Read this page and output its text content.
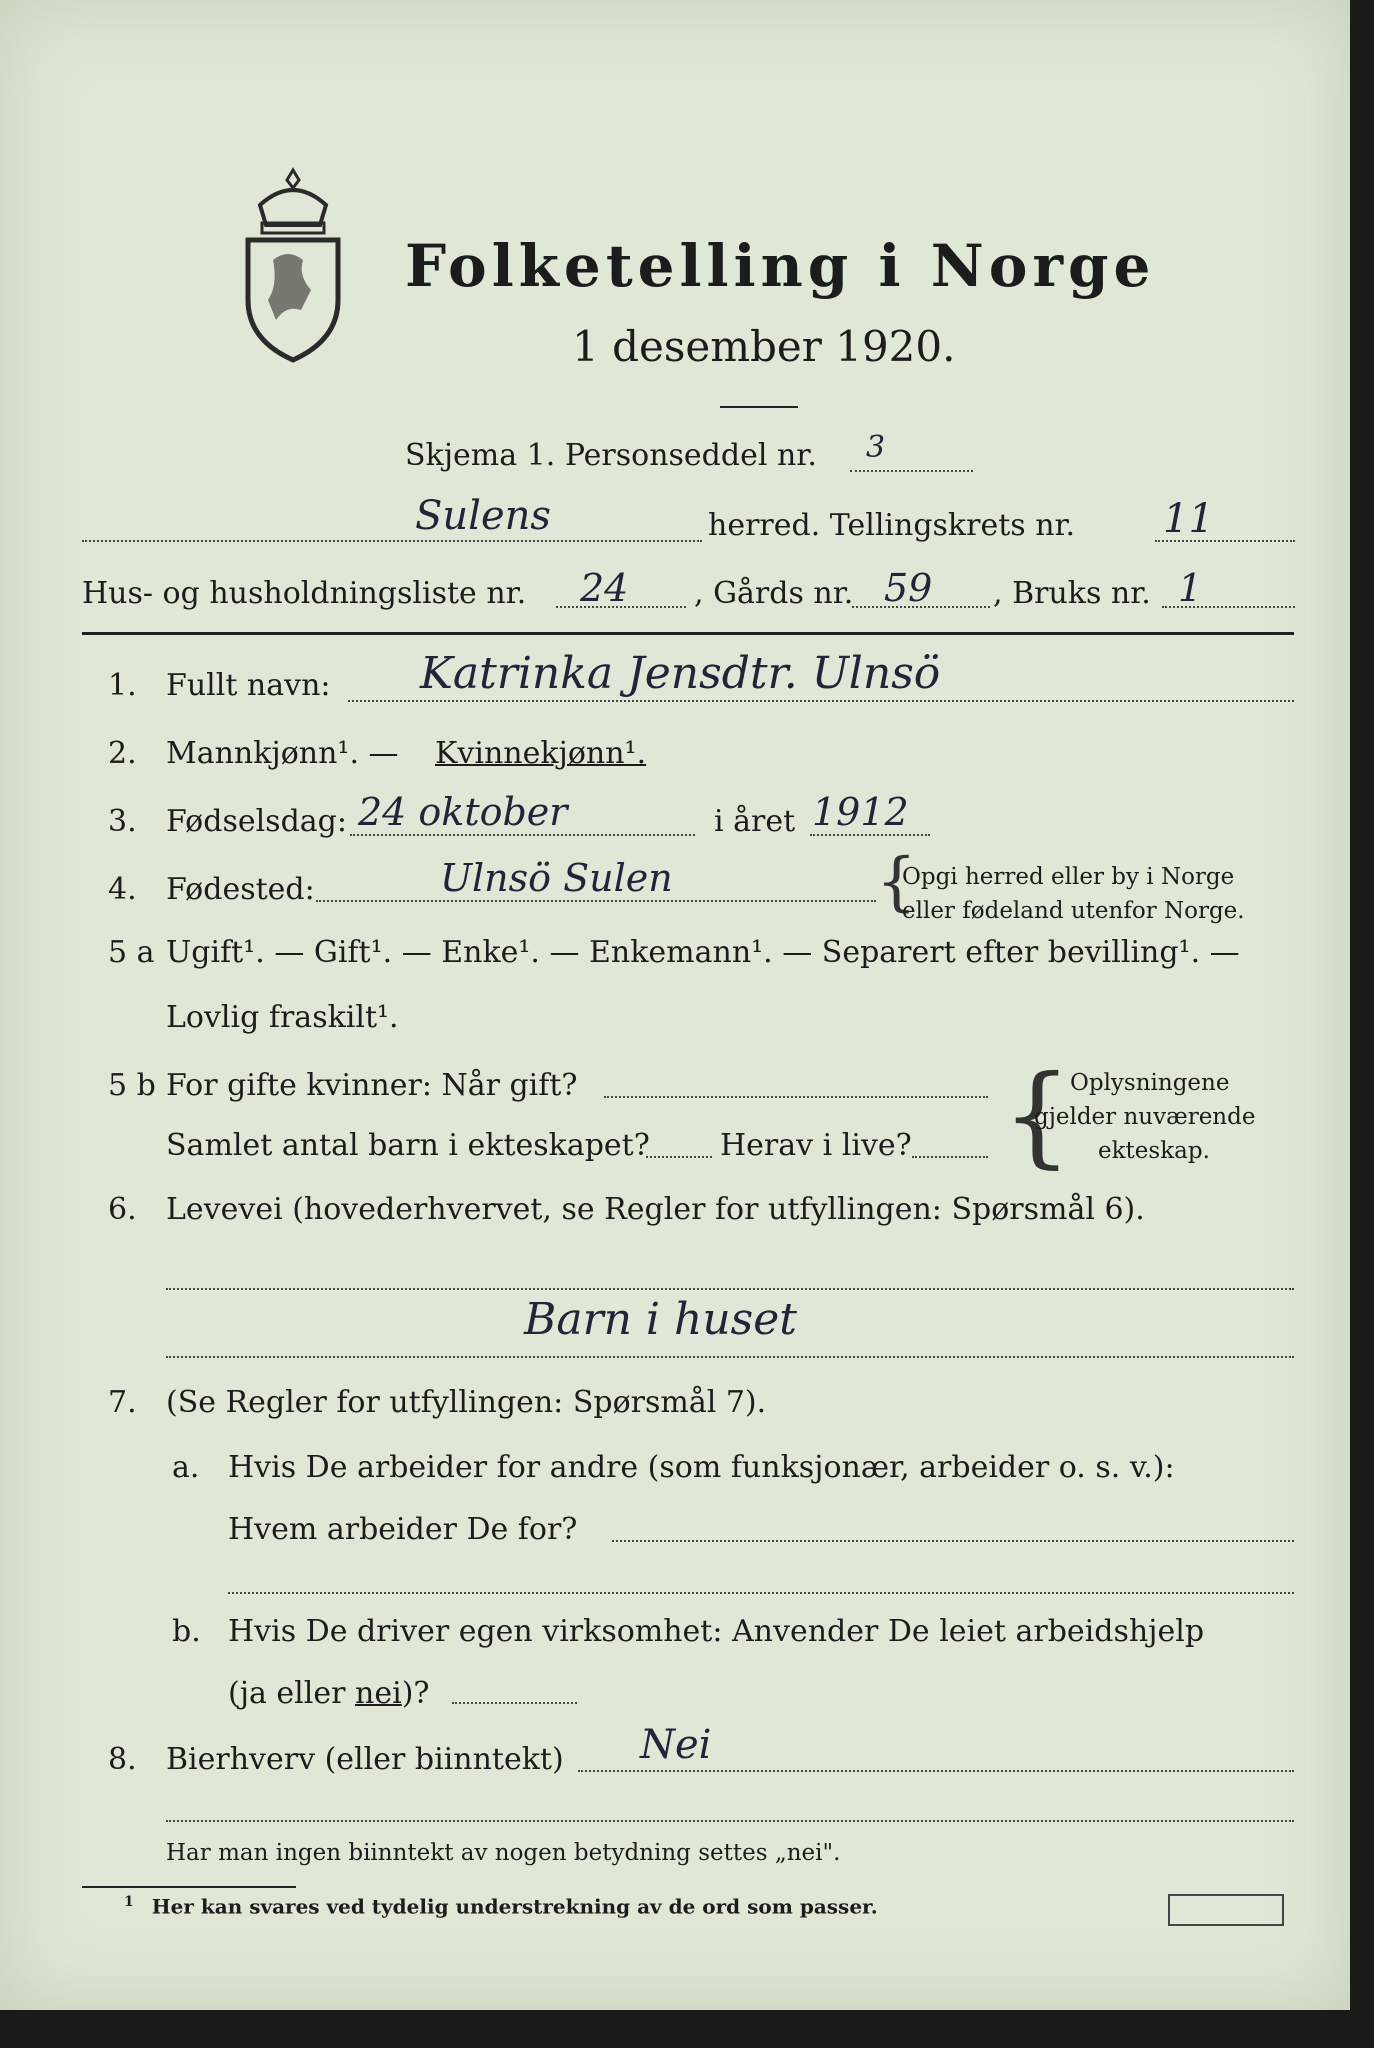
Folketelling i Norge
1 desember 1920.
Skjema 1. Personseddel nr. 3
Sulens	herred. Tellingskrets nr. 11
Hus- og husholdningsliste nr. 24 , Gårds nr. 59 , Bruks nr. 1
1. Fullt navn: Katrinka Jensdtr. Ulnsö
2. Mannkjønn¹. — Kvinnekjønn¹.
3. Fødselsdag: 24 oktober	i året 1912
4. Fødested:	Ulnsö Sulen	{
Opgi herred eller by i Norge
eller fødeland utenfor Norge.
5 a Ugift¹. — Gift¹. — Enke¹. — Enkemann¹. — Separert efter bevilling¹. —
Lovlig fraskilt¹.
5 b For gifte kvinner: Når gift?
Samlet antal barn i ekteskapet? Herav i live? {
Oplysningene
gjelder nuværende
ekteskap.
6. Levevei (hovederhvervet, se Regler for utfyllingen: Spørsmål 6).
Barn i huset
7. (Se Regler for utfyllingen: Spørsmål 7).
a. Hvis De arbeider for andre (som funksjonær, arbeider o. s. v.):
Hvem arbeider De for?
b. Hvis De driver egen virksomhet: Anvender De leiet arbeidshjelp
(ja eller nei)?
8. Bierhverv (eller biinntekt) Nei
Har man ingen biinntekt av nogen betydning settes „nei".
$^1$ Her kan svares ved tydelig understrekning av de ord som passer.
